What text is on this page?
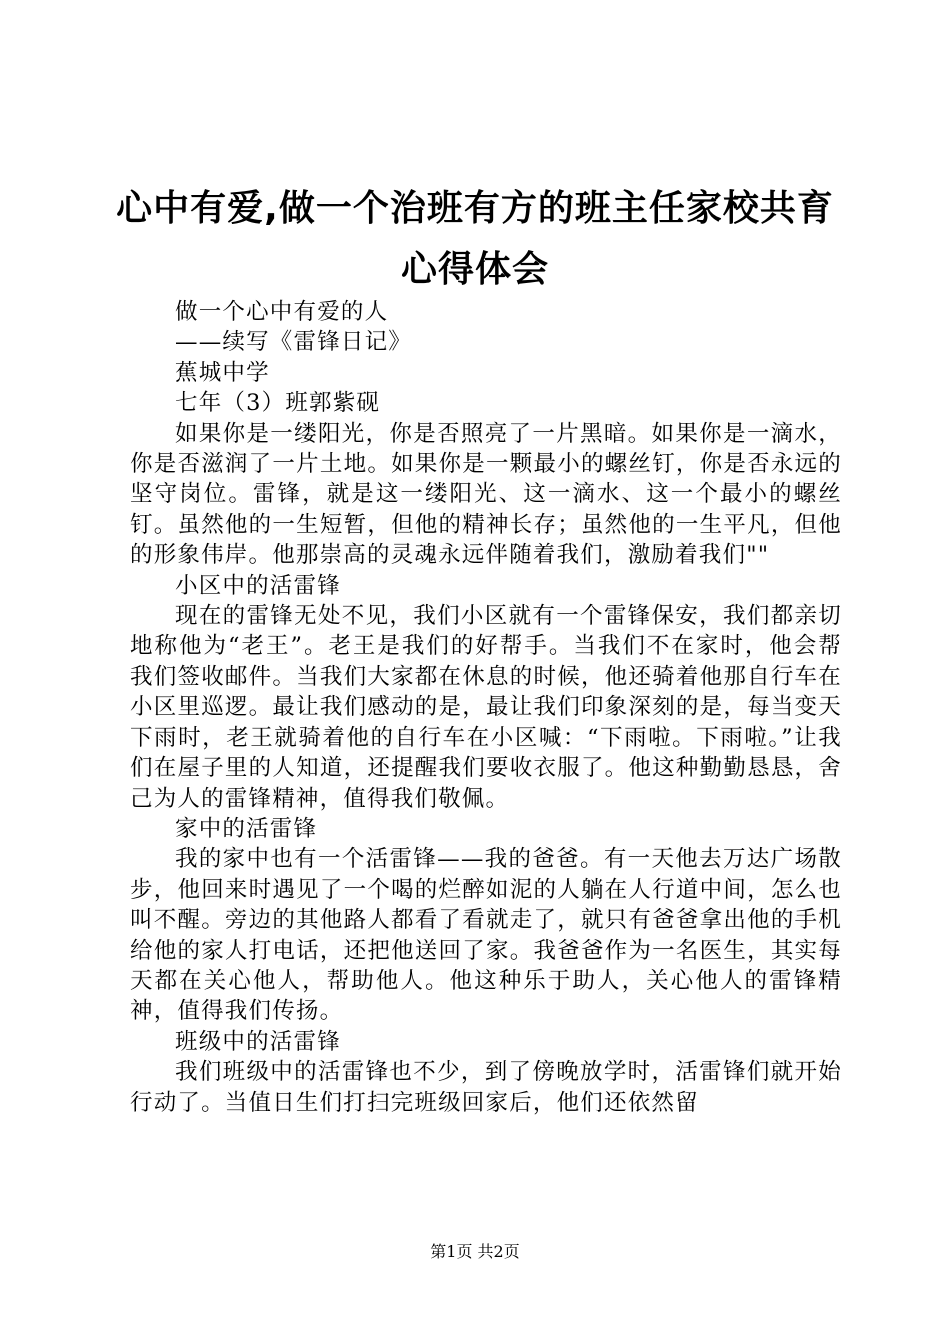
心中有爱,做一个治班有方的班主任家校共育
心得体会

做一个心中有爱的人

——续写《雷锋日记》

蕉城中学

七年（3）班郭紫砚

如果你是一缕阳光，你是否照亮了一片黑暗。如果你是一滴水，你是否滋润了一片土地。如果你是一颗最小的螺丝钉，你是否永远的坚守岗位。雷锋，就是这一缕阳光、这一滴水、这一个最小的螺丝钉。虽然他的一生短暂，但他的精神长存；虽然他的一生平凡，但他的形象伟岸。他那崇高的灵魂永远伴随着我们，激励着我们""

小区中的活雷锋

现在的雷锋无处不见，我们小区就有一个雷锋保安，我们都亲切地称他为“老王”。老王是我们的好帮手。当我们不在家时，他会帮我们签收邮件。当我们大家都在休息的时候，他还骑着他那自行车在小区里巡逻。最让我们感动的是，最让我们印象深刻的是，每当变天下雨时，老王就骑着他的自行车在小区喊：“下雨啦。下雨啦。”让我们在屋子里的人知道，还提醒我们要收衣服了。他这种勤勤恳恳，舍己为人的雷锋精神，值得我们敬佩。

家中的活雷锋

我的家中也有一个活雷锋——我的爸爸。有一天他去万达广场散步，他回来时遇见了一个喝的烂醉如泥的人躺在人行道中间，怎么也叫不醒。旁边的其他路人都看了看就走了，就只有爸爸拿出他的手机给他的家人打电话，还把他送回了家。我爸爸作为一名医生，其实每天都在关心他人，帮助他人。他这种乐于助人，关心他人的雷锋精神，值得我们传扬。

班级中的活雷锋

我们班级中的活雷锋也不少，到了傍晚放学时，活雷锋们就开始行动了。当值日生们打扫完班级回家后，他们还依然留

第1页 共2页
